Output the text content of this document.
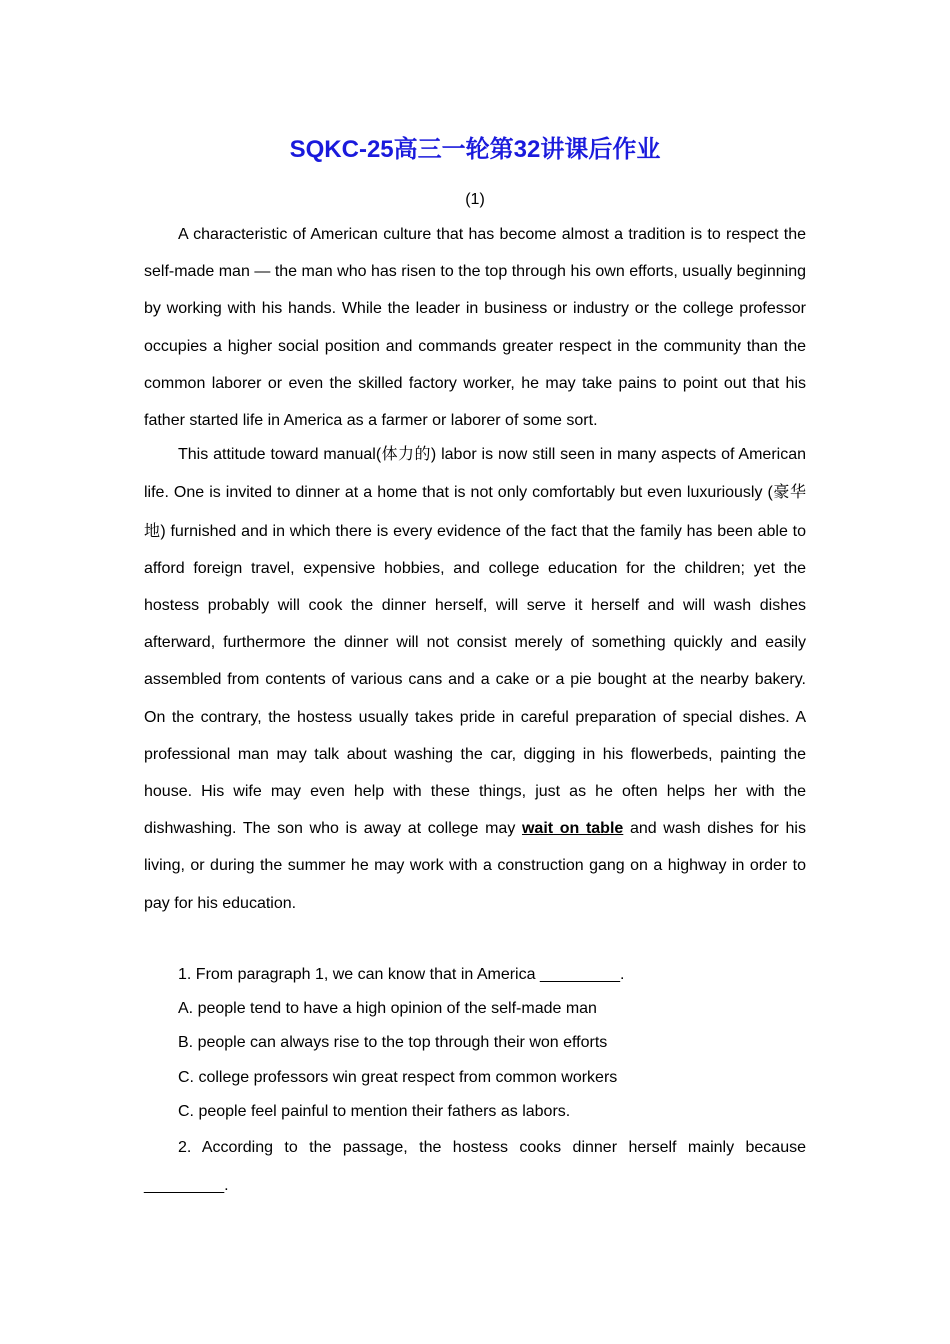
SQKC-25高三一轮第32讲课后作业
(1)

A characteristic of American culture that has become almost a tradition is to respect the self-made man — the man who has risen to the top through his own efforts, usually beginning by working with his hands. While the leader in business or industry or the college professor occupies a higher social position and commands greater respect in the community than the common laborer or even the skilled factory worker, he may take pains to point out that his father started life in America as a farmer or laborer of some sort.

This attitude toward manual(体力的) labor is now still seen in many aspects of American life. One is invited to dinner at a home that is not only comfortably but even luxuriously (豪华地) furnished and in which there is every evidence of the fact that the family has been able to afford foreign travel, expensive hobbies, and college education for the children; yet the hostess probably will cook the dinner herself, will serve it herself and will wash dishes afterward, furthermore the dinner will not consist merely of something quickly and easily assembled from contents of various cans and a cake or a pie bought at the nearby bakery. On the contrary, the hostess usually takes pride in careful preparation of special dishes. A professional man may talk about washing the car, digging in his flowerbeds, painting the house. His wife may even help with these things, just as he often helps her with the dishwashing. The son who is away at college may wait on table and wash dishes for his living, or during the summer he may work with a construction gang on a highway in order to pay for his education.

1. From paragraph 1, we can know that in America _________.

A. people tend to have a high opinion of the self-made man

B. people can always rise to the top through their won efforts

C. college professors win great respect from common workers

C. people feel painful to mention their fathers as labors.

2. According to the passage, the hostess cooks dinner herself mainly because _________.
